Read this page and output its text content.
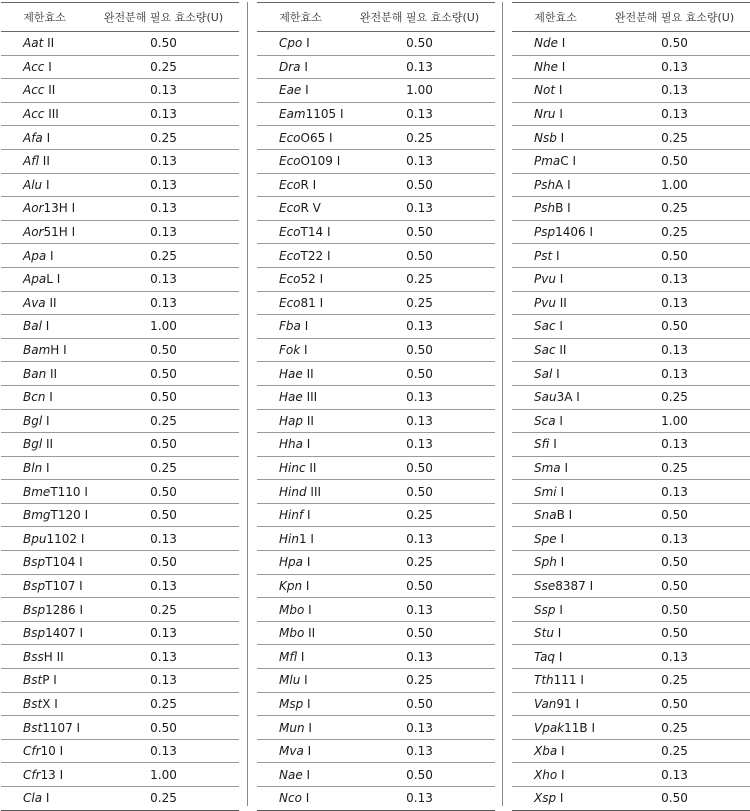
제한효소	완전분해 필요 효소량(U)
Aat II	0.50
Acc I	0.25
Acc II	0.13
Acc III	0.13
Afa I	0.25
Afl II	0.13
Alu I	0.13
Aor13H I	0.13
Aor51H I	0.13
Apa I	0.25
ApaL I	0.13
Ava II	0.13
Bal I	1.00
BamH I	0.50
Ban II	0.50
Bcn I	0.50
Bgl I	0.25
Bgl II	0.50
Bln I	0.25
BmeT110 I	0.50
BmgT120 I	0.50
Bpu1102 I	0.13
BspT104 I	0.50
BspT107 I	0.13
Bsp1286 I	0.25
Bsp1407 I	0.13
BssH II	0.13
BstP I	0.13
BstX I	0.25
Bst1107 I	0.50
Cfr10 I	0.13
Cfr13 I	1.00
Cla I	0.25
제한효소	완전분해 필요 효소량(U)
Cpo I	0.50
Dra I	0.13
Eae I	1.00
Eam1105 I	0.13
EcoO65 I	0.25
EcoO109 I	0.13
EcoR I	0.50
EcoR V	0.13
EcoT14 I	0.50
EcoT22 I	0.50
Eco52 I	0.25
Eco81 I	0.25
Fba I	0.13
Fok I	0.50
Hae II	0.50
Hae III	0.13
Hap II	0.13
Hha I	0.13
Hinc II	0.50
Hind III	0.50
Hinf I	0.25
Hin1 I	0.13
Hpa I	0.25
Kpn I	0.50
Mbo I	0.13
Mbo II	0.50
Mfl I	0.13
Mlu I	0.25
Msp I	0.50
Mun I	0.13
Mva I	0.13
Nae I	0.50
Nco I	0.13
제한효소	완전분해 필요 효소량(U)
Nde I	0.50
Nhe I	0.13
Not I	0.13
Nru I	0.13
Nsb I	0.25
PmaC I	0.50
PshA I	1.00
PshB I	0.25
Psp1406 I	0.25
Pst I	0.50
Pvu I	0.13
Pvu II	0.13
Sac I	0.50
Sac II	0.13
Sal I	0.13
Sau3A I	0.25
Sca I	1.00
Sfi I	0.13
Sma I	0.25
Smi I	0.13
SnaB I	0.50
Spe I	0.13
Sph I	0.50
Sse8387 I	0.50
Ssp I	0.50
Stu I	0.50
Taq I	0.13
Tth111 I	0.25
Van91 I	0.50
Vpak11B I	0.25
Xba I	0.25
Xho I	0.13
Xsp I	0.50
